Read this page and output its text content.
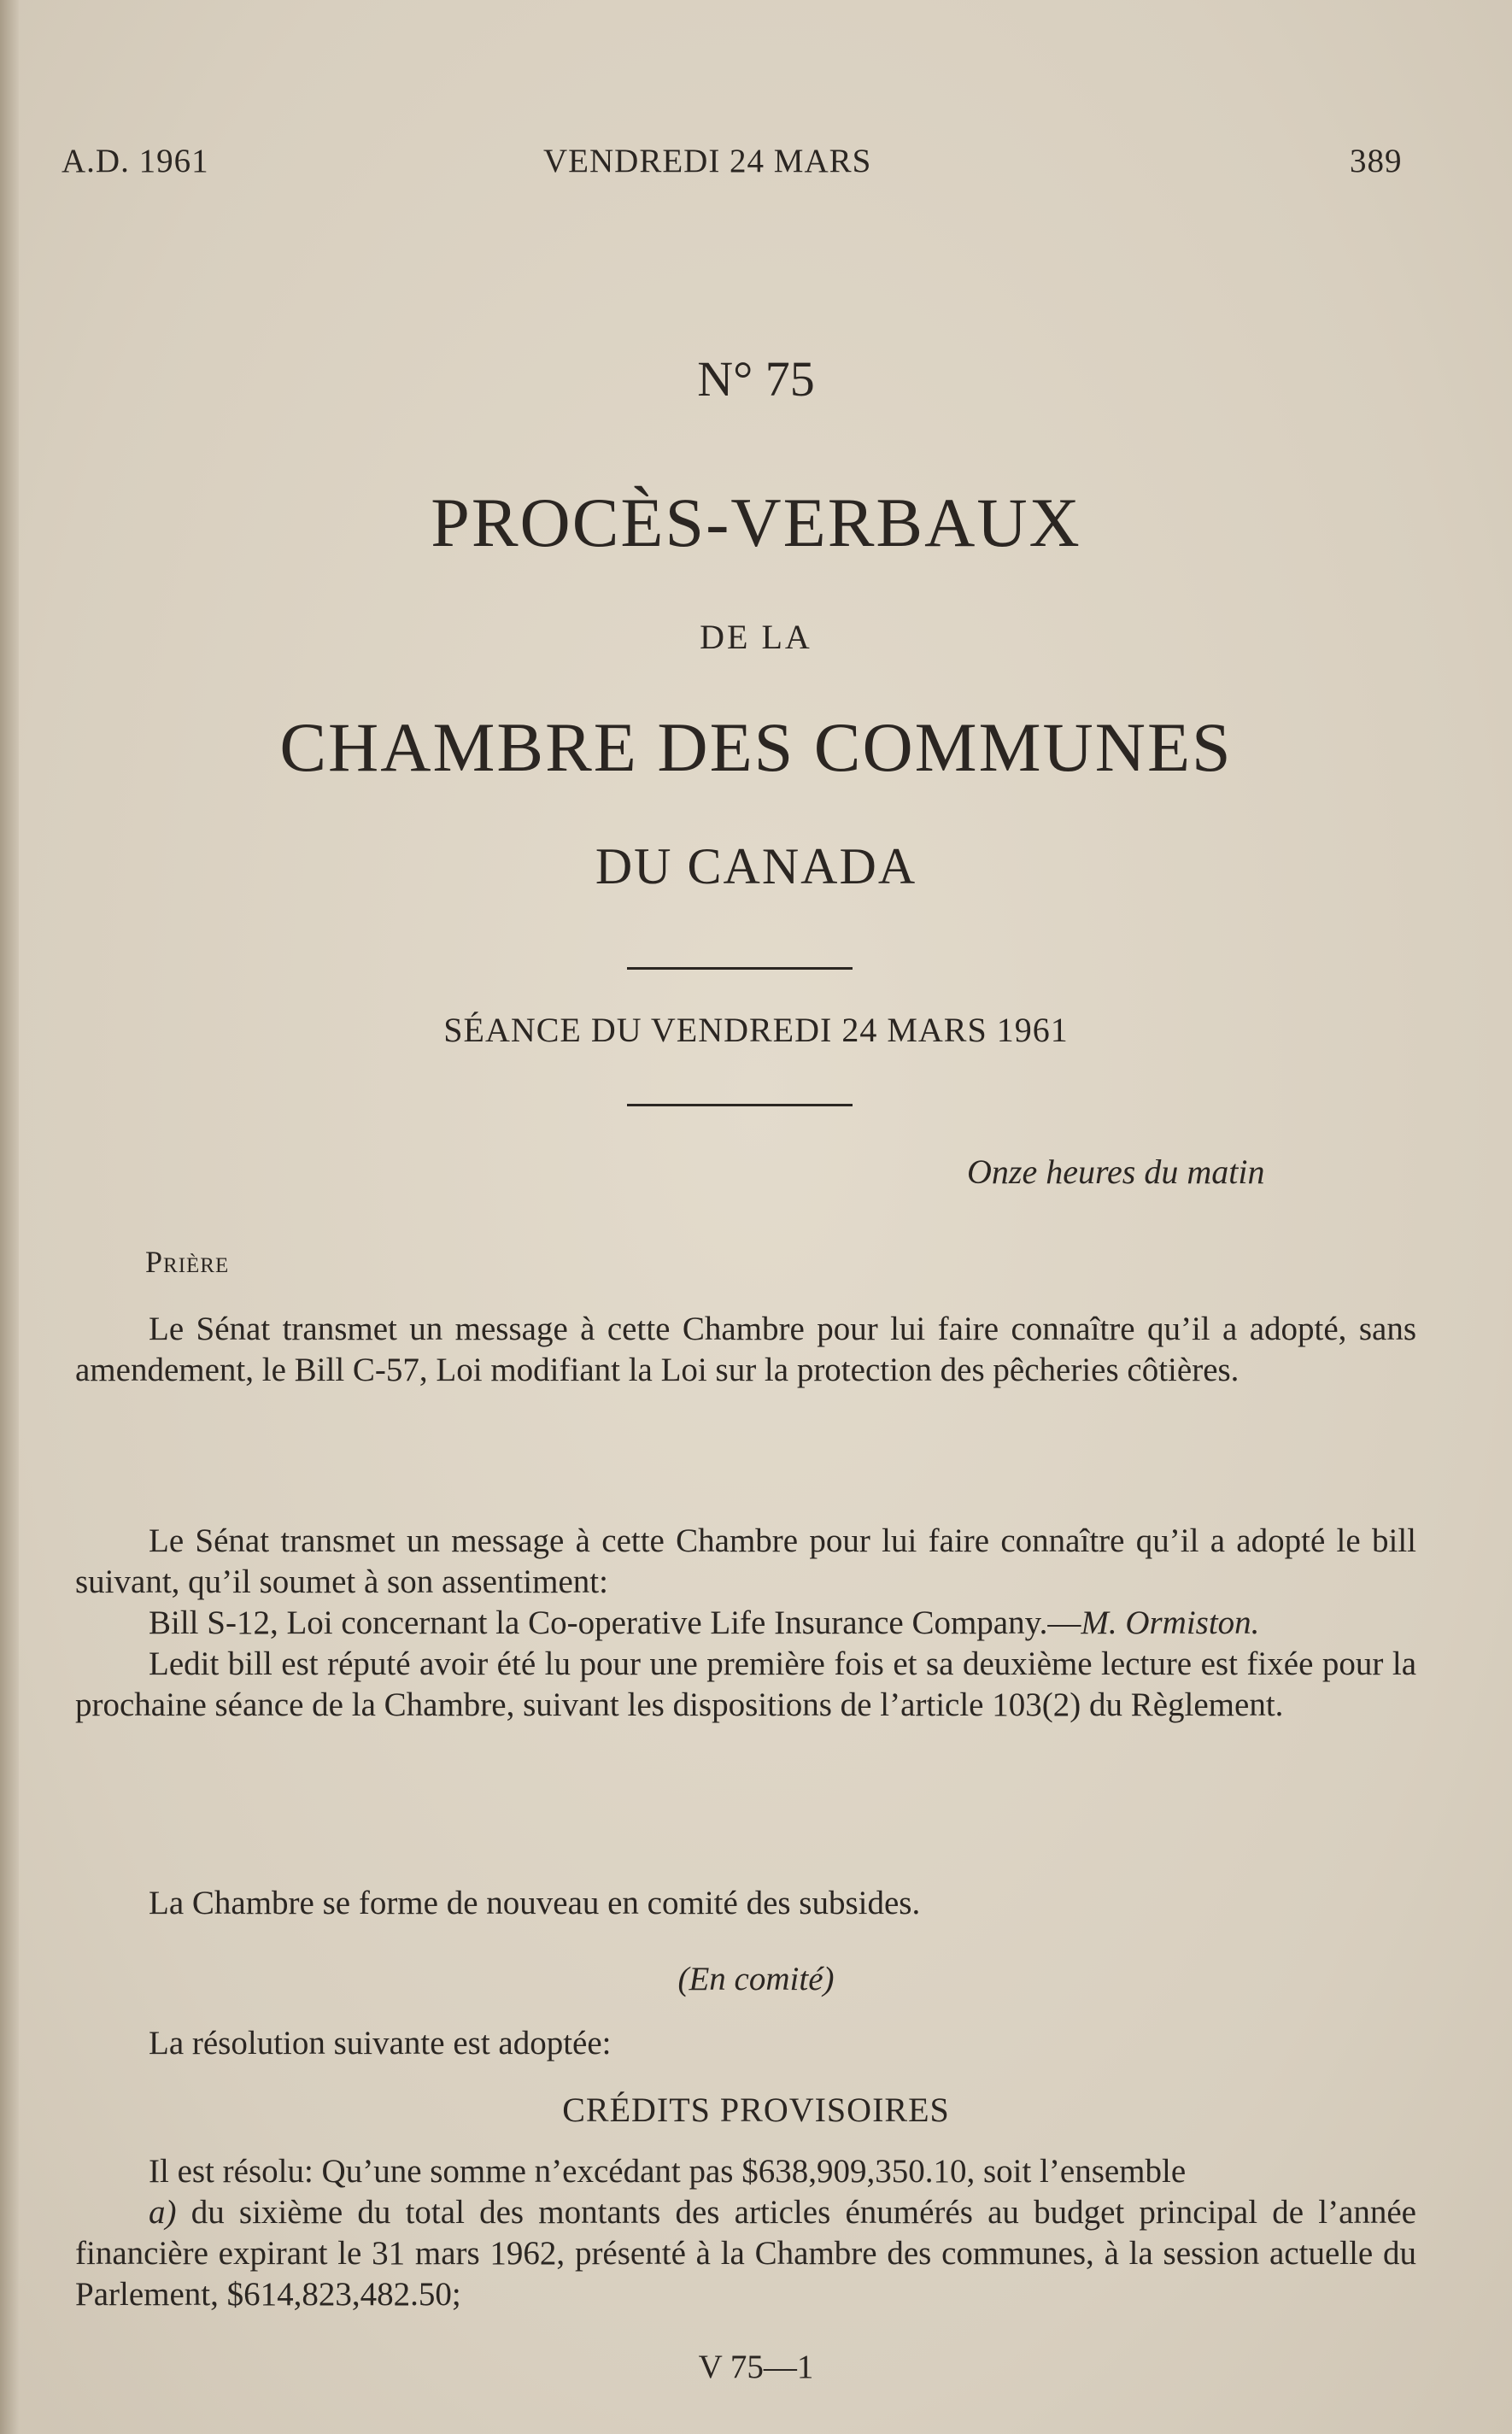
A.D. 1961	VENDREDI 24 MARS	389
N° 75
PROCÈS-VERBAUX
DE LA
CHAMBRE DES COMMUNES
DU CANADA
SÉANCE DU VENDREDI 24 MARS 1961
Onze heures du matin
Prière

Le Sénat transmet un message à cette Chambre pour lui faire connaître qu’il a adopté, sans amendement, le Bill C-57, Loi modifiant la Loi sur la protection des pêcheries côtières.

Le Sénat transmet un message à cette Chambre pour lui faire connaître qu’il a adopté le bill suivant, qu’il soumet à son assentiment:

Bill S-12, Loi concernant la Co-operative Life Insurance Company.—M. Ormiston.

Ledit bill est réputé avoir été lu pour une première fois et sa deuxième lecture est fixée pour la prochaine séance de la Chambre, suivant les dispositions de l’article 103(2) du Règlement.

La Chambre se forme de nouveau en comité des subsides.

(En comité)

La résolution suivante est adoptée:

CRÉDITS PROVISOIRES

Il est résolu: Qu’une somme n’excédant pas $638,909,350.10, soit l’ensemble

a) du sixième du total des montants des articles énumérés au budget principal de l’année financière expirant le 31 mars 1962, présenté à la Chambre des communes, à la session actuelle du Parlement, $614,823,482.50;

V 75—1
